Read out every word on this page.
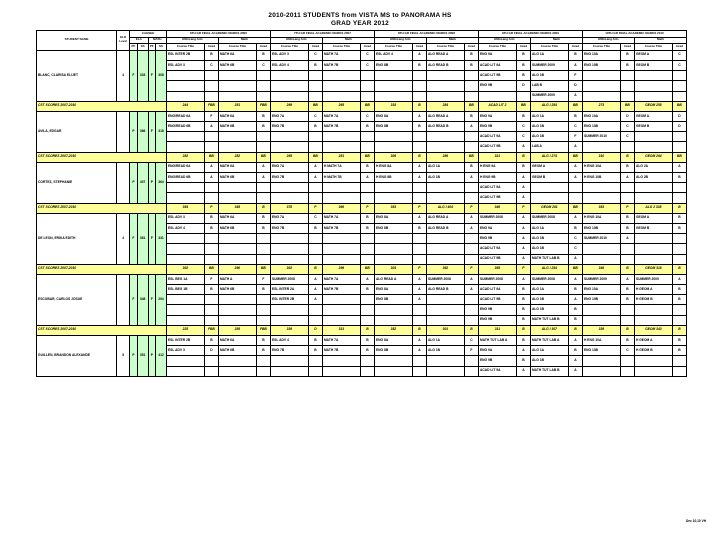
2010-2011 STUDENTS from VISTA MS to PANORAMA HS
GRAD YEAR 2012
STUDENT NAME	ELD Level	CAHSEE				6TH GR FINAL ACADEMIC MARKS 2006				7TH GR FINAL ACADEMIC MARKS 2007				8TH GR FINAL ACADEMIC MARKS 2008				9TH GR FINAL ACADEMIC MARKS 2009				10TH GR FINAL ACADEMIC MARKS 2010			
		ELA		MATH		ENGLang Arts		Math		ENGLang Arts		Math		ENGLang Arts		Math		ENGLang Arts		Math		ENGLang Arts		Math	
		PF	SS	PF	SS	Course Title	Acad	Course Title	Acad	Course Title	Acad	Course Title	Acad	Course Title	Acad	Course Title	Acad	Course Title	Acad	Course Title	Acad	Course Title	Acad	Course Title	Acad
BLANC, CLARISA ELIJET	4	F	333	F	308	ESL INTER 2B	B	MATH 6A	B	ESL ADV 3	C	MATH 7A	C	ESL ADV 4	A	ALG READ A	B	ENG 9A	B	ALG 1A	B	ENG 10A	B	GEOM A	C
						ESL ADV 3	C	MATH 6B	C	ESL ADV 4	B	MATH 7B	C	ENG 8B	B	ALG READ B	B	ACAD LIT 9A	B	SUMMER 2009	A	ENG 10B	B	GEOM B	C
																		ACAD LIT 9B	B	ALG 1B	F				
																		ENG 9B	D	LAB B	D				
																				SUMMER 2009	A				
CST SCORES 2007-2010						244	FBB	251	FBB	269	BB	265	BB	315	B	284	BB	ACAD LIT 2	BB	ALG I 254	BB	273	BB	GEOM 255	BB
AVILA, EDGAR		P	366	F	318	ENG/READ 6A	F	MATH 6A	B	ENG 7A	C	MATH 7A	C	ENG 8A	A	ALG READ A	B	ENG 9A	B	ALG 1A	B	ENG 10A	D	GEOM A	D
						ENG/READ 6B	A	MATH 6B	B	ENG 7B	B	MATH 7B	B	ENG 8B	B	ALG READ B	A	ENG 9B	C	ALG 1B	C	ENG 10B	C	GEOM B	D
																		ACAD LIT 9A	C	ALG 1B	F	SUMMER 2010	C		
																		ACAD LIT 9B	A	LAB A	A				
CST SCORES 2007-2010						282	BB	282	BB	265	BB	251	BB	306	B	286	BB	321	B	ALG I 274	BB	310	B	GEOM 264	BB
CORTEZ, STEPHANIE		P	407	P	364	ENG/READ 6A	A	MATH 6A	A	ENG 7A	A	H MATH 7A	B	H ENG 8A	A	ALG 1A	B	H ENG 9A	B	GEOM A	A	H ENG 10A	B	ALG 2A	A
						ENG/READ 6B	A	MATH 6B	A	ENG 7B	A	H MATH 7B	A	H ENG 8B	A	ALG 1B	A	H ENG 9B	A	GEOM B	A	H ENG 10B	A	ALG 2B	B
																		ACAD LIT 9A	A						
																		ACAD LIT 9B	A						
CST SCORES 2007-2010						354	P	345	B	378	P	366	P	353	P	ALG I 404	P	346	P	GEOM 281	BB	353	P	ALG 2 338	B
DE LEON, ERIKA EDITH	4	F	361	F	331	ESL ADV 3	B	MATH 6A	B	ENG 7A	C	MATH 7A	B	ENG 8A	A	ALG READ A	A	SUMMER 2008	A	SUMMER 2008	A	H ENG 10A	B	GEOM A	B
						ESL ADV 4	B	MATH 6B	B	ENG 7B	B	MATH 7B	B	ENG 8B	B	ALG READ B	A	ENG 9A	A	ALG 1A	B	ENG 10B	B	GEOM B	B
																		ENG 9B	A	ALG 1B	C	SUMMER 2010	A		
																		ACAD LIT 9A	A	ALG 1B	C				
																		ACAD LIT 9B	A	MATH TUT LAB B	A				
CST SCORES 2007-2010						302	BB	290	BB	302	B	299	BB	303	P	362	P	365	P	ALG I 254	BB	346	B	GEOM 318	B
ESCOBAR, CARLOS JOSUE		F	348	F	294	ESL BEG 1A	F	MATH A	F	SUMMER 2008	A	MATH 7A	A	ALG READ A	A	SUMMER 2008	A	SUMMER 2008	A	SUMMER 2008	A	SUMMER 2009	A	SUMMER 2009	A
						ESL BEG 1B	B	MATH 6B	B	ESL INTER 2A	A	MATH 7B	B	ENG 8A	A	ALG READ B	A	ACAD LIT 9A	B	ALG 1A	B	ENG 10A	B	H GEOM A	B
										ESL INTER 2B	A			ENG 8B	A			ACAD LIT 9B	B	ALG 1B	A	ENG 10B	B	H GEOM B	B
																		ENG 9B	B	ALG 1B	B				
																		ENG 9B	B	MATH TUT LAB B	B				
CST SCORES 2007-2010						225	FBB	285	FBB	339	D	331	B	352	B	301	B	311	B	ALG I 307	B	339	B	GEOM 343	B
GUILLEN, BRANDON ALEXANDE	5	P	351	P	412	ESL INTER 2B	B	MATH 6A	B	ESL ADV 4	B	MATH 7A	B	ENG 8A	A	ALG 1A	C	MATH TUT LAB A	B	MATH TUT LAB A	A	H ENG 10A	B	H GEOM A	B
						ESL ADV 3	D	MATH 6B	B	ENG 7B	B	MATH 7B	B	ENG 8B	A	ALG 1B	F	ENG 9A	A	ALG 1A	B	ENG 10B	C	H GEOM B	B
																		ENG 9B	B	ALG 1B	A				
																		ACAD LIT 9A	A	MATH TUT LAB B	A				
Dec 10,10 VH
